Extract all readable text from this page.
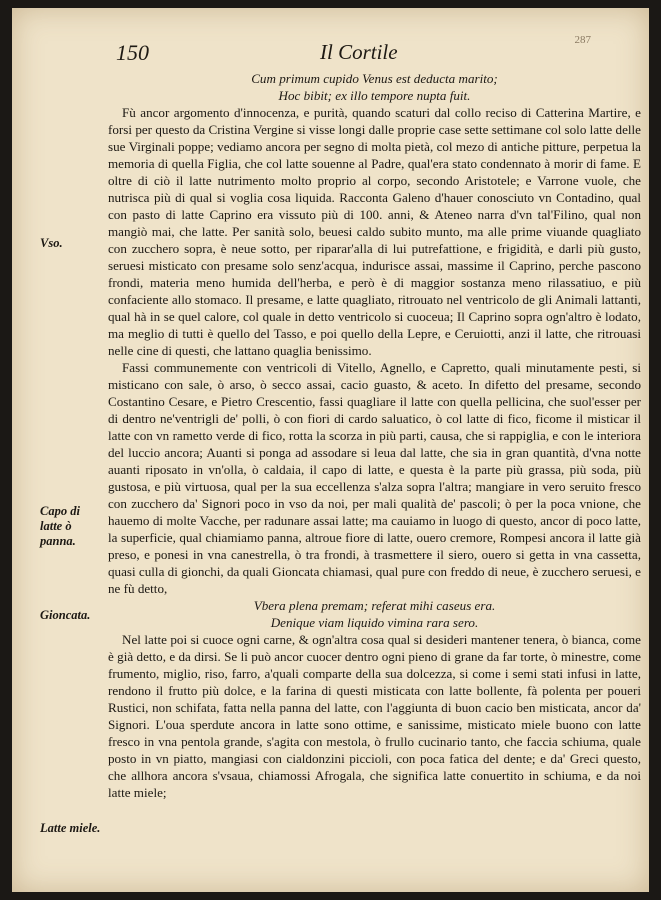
150	Il Cortile	287
Vso.
Capo di latte ò panna.
Gioncata.
Latte miele.

Cum primum cupido Venus est deducta marito;

Hoc bibit; ex illo tempore nupta fuit.

Fù ancor argomento d'innocenza, e purità, quando scaturi dal collo reciso di Catterina Martire, e forsi per questo da Cristina Vergine si visse longi dalle proprie case sette settimane col solo latte delle sue Virginali poppe; vediamo ancora per segno di molta pietà, col mezo di antiche pitture, perpetua la memoria di quella Figlia, che col latte souenne al Padre, qual'era stato condennato à morir di fame. E oltre di ciò il latte nutrimento molto proprio al corpo, secondo Aristotele; e Varrone vuole, che nutrisca più di qual si voglia cosa liquida. Racconta Galeno d'hauer conosciuto vn Contadino, qual con pasto di latte Caprino era vissuto più di 100. anni, & Ateneo narra d'vn tal'Filino, qual non mangiò mai, che latte. Per sanità solo, beuesi caldo subito munto, ma alle prime viuande quagliato con zucchero sopra, è neue sotto, per riparar'alla di lui putrefattione, e frigidità, e darli più gusto, seruesi misticato con presame solo senz'acqua, indurisce assai, massime il Caprino, perche pascono frondi, materia meno humida dell'herba, e però è di maggior sostanza meno rilassatiuo, e più confaciente allo stomaco. Il presame, e latte quagliato, ritrouato nel ventricolo de gli Animali lattanti, qual hà in se quel calore, col quale in detto ventricolo si cuoceua; Il Caprino sopra ogn'altro è lodato, ma meglio di tutti è quello del Tasso, e poi quello della Lepre, e Ceruiotti, anzi il latte, che ritrouasi nelle cine di questi, che lattano quaglia benissimo.

Fassi communemente con ventricoli di Vitello, Agnello, e Capretto, quali minutamente pesti, si misticano con sale, ò arso, ò secco assai, cacio guasto, & aceto. In difetto del presame, secondo Costantino Cesare, e Pietro Crescentio, fassi quagliare il latte con quella pellicina, che suol'esser per di dentro ne'ventrigli de' polli, ò con fiori di cardo saluatico, ò col latte di fico, ficome il misticar il latte con vn rametto verde di fico, rotta la scorza in più parti, causa, che si rappiglia, e con le interiora del luccio ancora; Auanti si ponga ad assodare si leua dal latte, che sia in gran quantità, d'vna notte auanti riposato in vn'olla, ò caldaia, il capo di latte, e questa è la parte più grassa, più soda, più gustosa, e più virtuosa, qual per la sua eccellenza s'alza sopra l'altra; mangiare in vero seruito fresco con zucchero da' Signori poco in vso da noi, per mali qualità de' pascoli; ò per la poca vnione, che hauemo di molte Vacche, per radunare assai latte; ma cauiamo in luogo di questo, ancor di poco latte, la superficie, qual chiamiamo panna, altroue fiore di latte, ouero cremore, Rompesi ancora il latte già preso, e ponesi in vna canestrella, ò tra frondi, à trasmettere il siero, ouero si getta in vna cassetta, quasi culla di gionchi, da quali Gioncata chiamasi, qual pure con freddo di neue, è zucchero seruesi, e ne fù detto,

Vbera plena premam; referat mihi caseus era.

Denique viam liquido vimina rara sero.

Nel latte poi si cuoce ogni carne, & ogn'altra cosa qual si desideri mantener tenera, ò bianca, come è già detto, e da dirsi. Se li può ancor cuocer dentro ogni pieno di grane da far torte, ò minestre, come frumento, miglio, riso, farro, a'quali comparte della sua dolcezza, si come i semi stati infusi in latte, rendono il frutto più dolce, e la farina di questi misticata con latte bollente, fà polenta per poueri Rustici, non schifata, fatta nella panna del latte, con l'aggiunta di buon cacio ben misticata, ancor da' Signori. L'oua sperdute ancora in latte sono ottime, e sanissime, misticato miele buono con latte fresco in vna pentola grande, s'agita con mestola, ò frullo cucinario tanto, che faccia schiuma, quale posto in vn piatto, mangiasi con cialdonzini piccioli, con poca fatica del dente; e da' Greci questo, che allhora ancora s'vsaua, chiamossi Afrogala, che significa latte conuertito in schiuma, e da noi latte miele;
